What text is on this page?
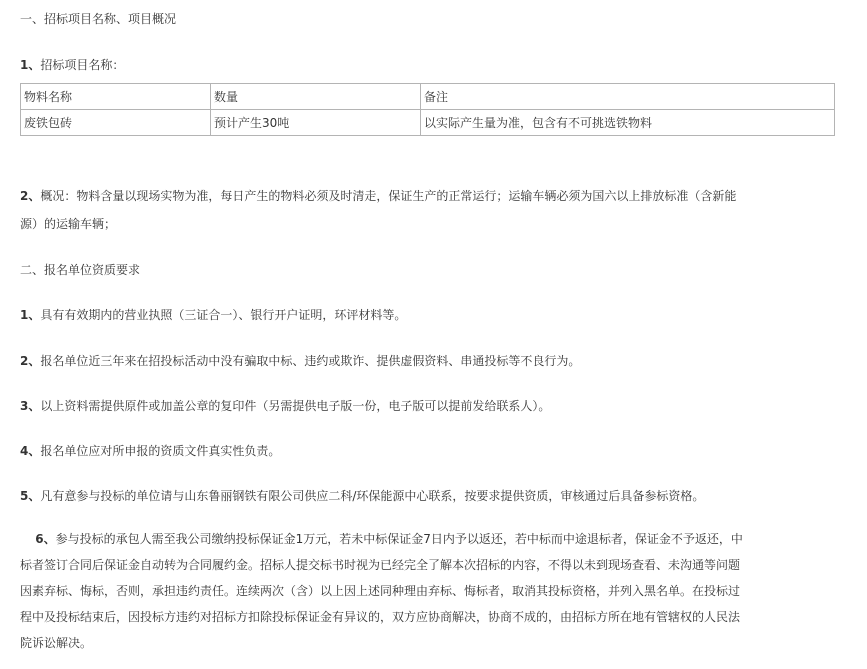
一、招标项目名称、项目概况
1、招标项目名称：
物料名称	数量	备注
废铁包砖	预计产生30吨	以实际产生量为准，包含有不可挑选铁物料
2、概况：物料含量以现场实物为准，每日产生的物料必须及时清走，保证生产的正常运行；运输车辆必须为国六以上排放标准（含新能
源）的运输车辆；
二、报名单位资质要求
1、具有有效期内的营业执照（三证合一）、银行开户证明，环评材料等。
2、报名单位近三年来在招投标活动中没有骗取中标、违约或欺诈、提供虚假资料、串通投标等不良行为。
3、以上资料需提供原件或加盖公章的复印件（另需提供电子版一份，电子版可以提前发给联系人）。
4、报名单位应对所申报的资质文件真实性负责。
5、凡有意参与投标的单位请与山东鲁丽钢铁有限公司供应二科/环保能源中心联系，按要求提供资质，审核通过后具备参标资格。

6、参与投标的承包人需至我公司缴纳投标保证金1万元，若未中标保证金7日内予以返还，若中标而中途退标者，保证金不予返还，中

标者签订合同后保证金自动转为合同履约金。招标人提交标书时视为已经完全了解本次招标的内容，不得以未到现场查看、未沟通等问题

因素弃标、悔标，否则，承担违约责任。连续两次（含）以上因上述同种理由弃标、悔标者，取消其投标资格，并列入黑名单。在投标过

程中及投标结束后，因投标方违约对招标方扣除投标保证金有异议的，双方应协商解决，协商不成的，由招标方所在地有管辖权的人民法

院诉讼解决。
